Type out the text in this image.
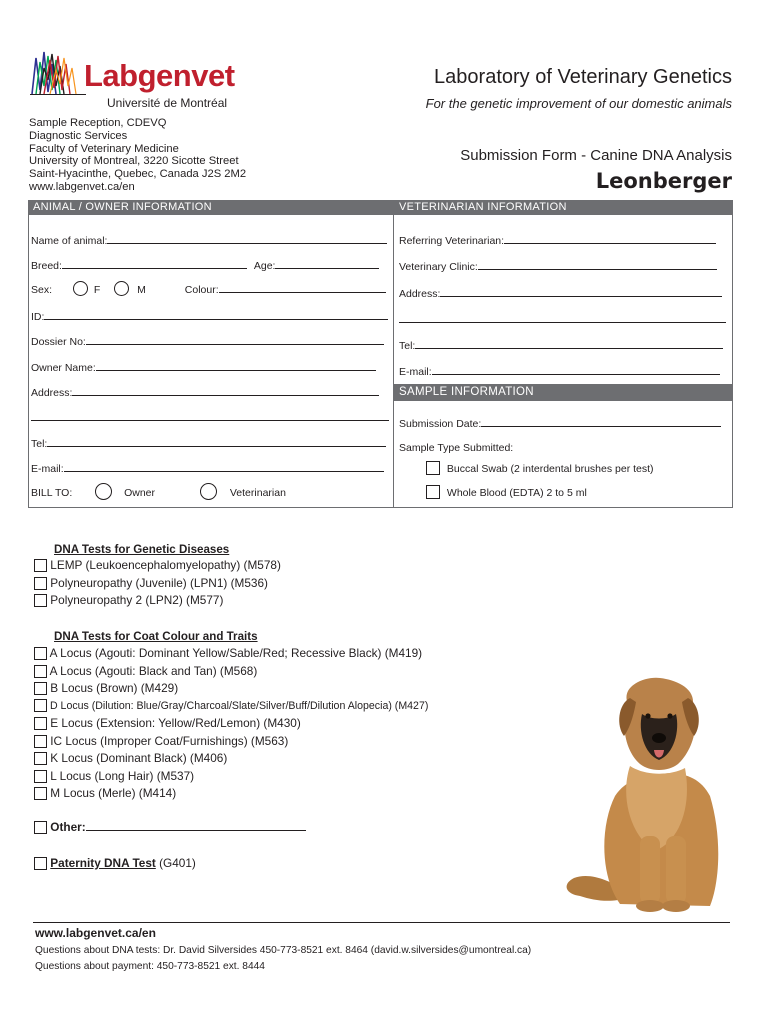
Labgenvet
Université de Montréal
Laboratory of Veterinary Genetics
For the genetic improvement of our domestic animals
Sample Reception, CDEVQ
Diagnostic Services
Faculty of Veterinary Medicine
University of Montreal, 3220 Sicotte Street
Saint-Hyacinthe, Quebec, Canada J2S 2M2
www.labgenvet.ca/en
Submission Form - Canine DNA Analysis
Leonberger
ANIMAL / OWNER INFORMATION	VETERINARIAN INFORMATION
Name of animal:
Breed:	Age:
Sex:	F	M	Colour:
ID:
Dossier No:
Owner Name:
Address:
Tel:
E-mail:
BILL TO:	Owner	Veterinarian
Referring Veterinarian:
Veterinary Clinic:
Address:
Tel:
E-mail:
SAMPLE INFORMATION
Submission Date:
Sample Type Submitted:
Buccal Swab (2 interdental brushes per test)
Whole Blood (EDTA) 2 to 5 ml
DNA Tests for Genetic Diseases
LEMP (Leukoencephalomyelopathy) (M578)
Polyneuropathy (Juvenile) (LPN1) (M536)
Polyneuropathy 2 (LPN2) (M577)
DNA Tests for Coat Colour and Traits
A Locus (Agouti: Dominant Yellow/Sable/Red; Recessive Black) (M419)
A Locus (Agouti: Black and Tan) (M568)
B Locus (Brown) (M429)
D Locus (Dilution: Blue/Gray/Charcoal/Slate/Silver/Buff/Dilution Alopecia) (M427)
E Locus (Extension: Yellow/Red/Lemon) (M430)
IC Locus (Improper Coat/Furnishings) (M563)
K Locus (Dominant Black) (M406)
L Locus (Long Hair) (M537)
M Locus (Merle) (M414)
Other:
Paternity DNA Test (G401)
www.labgenvet.ca/en
Questions about DNA tests: Dr. David Silversides 450-773-8521 ext. 8464 (david.w.silversides@umontreal.ca)
Questions about payment: 450-773-8521 ext. 8444
